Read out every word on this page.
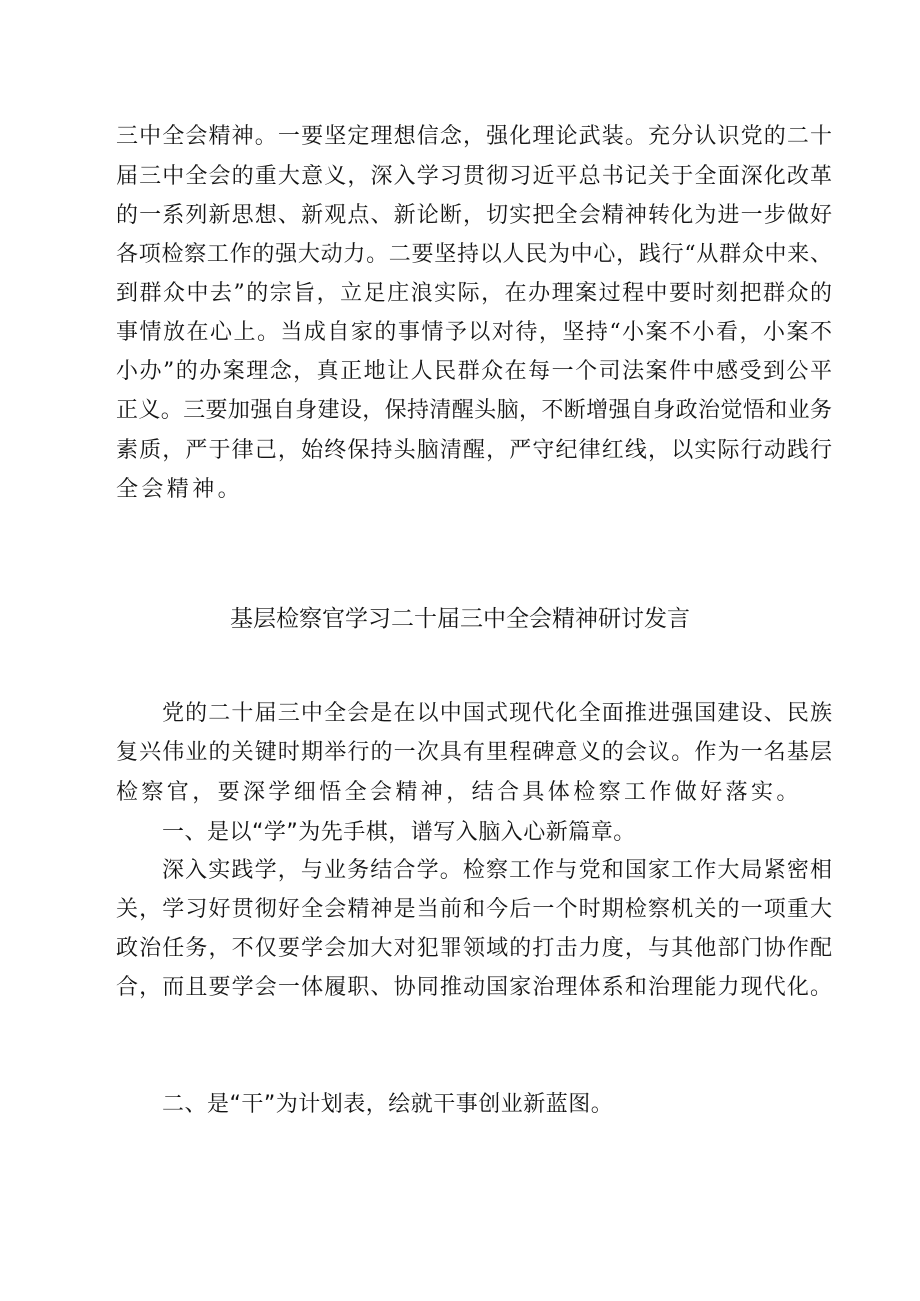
三中全会精神。一要坚定理想信念，强化理论武装。充分认识党的二十
届三中全会的重大意义，深入学习贯彻习近平总书记关于全面深化改革
的一系列新思想、新观点、新论断，切实把全会精神转化为进一步做好
各项检察工作的强大动力。二要坚持以人民为中心，践行“从群众中来、
到群众中去”的宗旨，立足庄浪实际，在办理案过程中要时刻把群众的
事情放在心上。当成自家的事情予以对待，坚持“小案不小看，小案不
小办”的办案理念，真正地让人民群众在每一个司法案件中感受到公平
正义。三要加强自身建设，保持清醒头脑，不断增强自身政治觉悟和业务
素质，严于律己，始终保持头脑清醒，严守纪律红线，以实际行动践行
全会精神。
基层检察官学习二十届三中全会精神研讨发言
党的二十届三中全会是在以中国式现代化全面推进强国建设、民族
复兴伟业的关键时期举行的一次具有里程碑意义的会议。作为一名基层
检察官，要深学细悟全会精神，结合具体检察工作做好落实。
一、是以“学”为先手棋，谱写入脑入心新篇章。
深入实践学，与业务结合学。检察工作与党和国家工作大局紧密相
关，学习好贯彻好全会精神是当前和今后一个时期检察机关的一项重大
政治任务，不仅要学会加大对犯罪领域的打击力度，与其他部门协作配
合，而且要学会一体履职、协同推动国家治理体系和治理能力现代化。
二、是“干”为计划表，绘就干事创业新蓝图。
